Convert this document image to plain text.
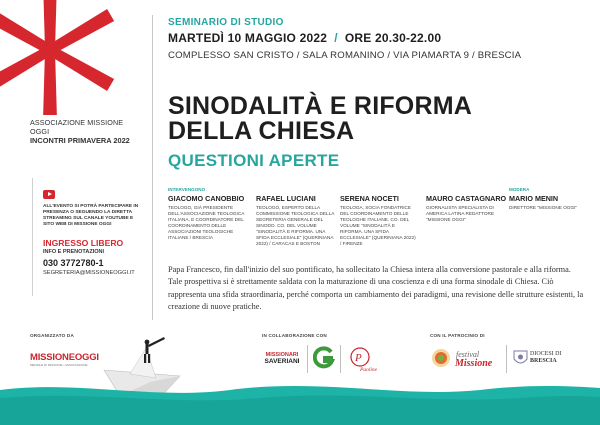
ASSOCIAZIONE MISSIONE OGGI
INCONTRI PRIMAVERA 2022
SEMINARIO DI STUDIO
MARTEDÌ 10 MAGGIO 2022  /  ORE 20.30-22.00
COMPLESSO SAN CRISTO / SALA ROMANINO / VIA PIAMARTA 9 / BRESCIA
SINODALITÀ E RIFORMA
DELLA CHIESA
QUESTIONI APERTE
INTERVENGONO
GIACOMO CANOBBIO
TEOLOGO, GIÀ PRESIDENTE DELL'ASSOCIAZIONE TEOLOGICA ITALIANA, E COORDINATORE DEL COORDINAMENTO DELLE ASSOCIAZIONI TEOLOGICHE ITALIANE / BRESCIA
RAFAEL LUCIANI
TEOLOGO, ESPERTO DELLA COMMISSIONE TEOLOGICA DELLA SEGRETERIA GENERALE DEL SINODO. CO. DEL VOLUME "SINODALITÀ E RIFORMA. UNA SFIDA ECCLESIALE" (QUERINIANA 2022) / CARACAS E BOSTON
SERENA NOCETI
TEOLOGA, SOCIA FONDATRICE DEL COORDINAMENTO DELLE TEOLOGHE ITALIANE. CO. DEL VOLUME "SINODALITÀ E RIFORMA. UNA SFIDA ECCLESIALE" (QUERINIANA 2022) / FIRENZE
MAURO CASTAGNARO
GIORNALISTA SPECIALISTA DI AMERICA LATINA REDATTORE "MISSIONE OGGI"
MODERA
MARIO MENIN
DIRETTORE "MISSIONE OGGI"
ALL'EVENTO SI POTRÀ PARTECIPARE IN PRESENZA O SEGUENDO LA DIRETTA STREAMING SUL CANALE YOUTUBE E SITO WEB DI MISSIONE OGGI
INGRESSO LIBERO
INFO E PRENOTAZIONI
030 3772780-1
SEGRETERIA@MISSIONEOGGI.IT	Papa Francesco, fin dall'inizio del suo pontificato, ha sollecitato la Chiesa intera alla conversione pastorale e alla riforma. Tale prospettiva si è strettamente saldata con la maturazione di una coscienza e di una forma sinodale di Chiesa. Ciò rappresenta una sfida straordinaria, perché comporta un cambiamento dei paradigmi, una revisione delle strutture esistenti, la creazione di nuove pratiche.
ORGANIZZATO DA
MISSIONEOGGI
MENSILE DI MISSIONE • ASSOCIAZIONE
IN COLLABORAZIONE CON
MISSIONARI
SAVERIANI	P
Paoline
CON IL PATROCINIO DI
festival
Missione
DIOCESI DI
BRESCIA
